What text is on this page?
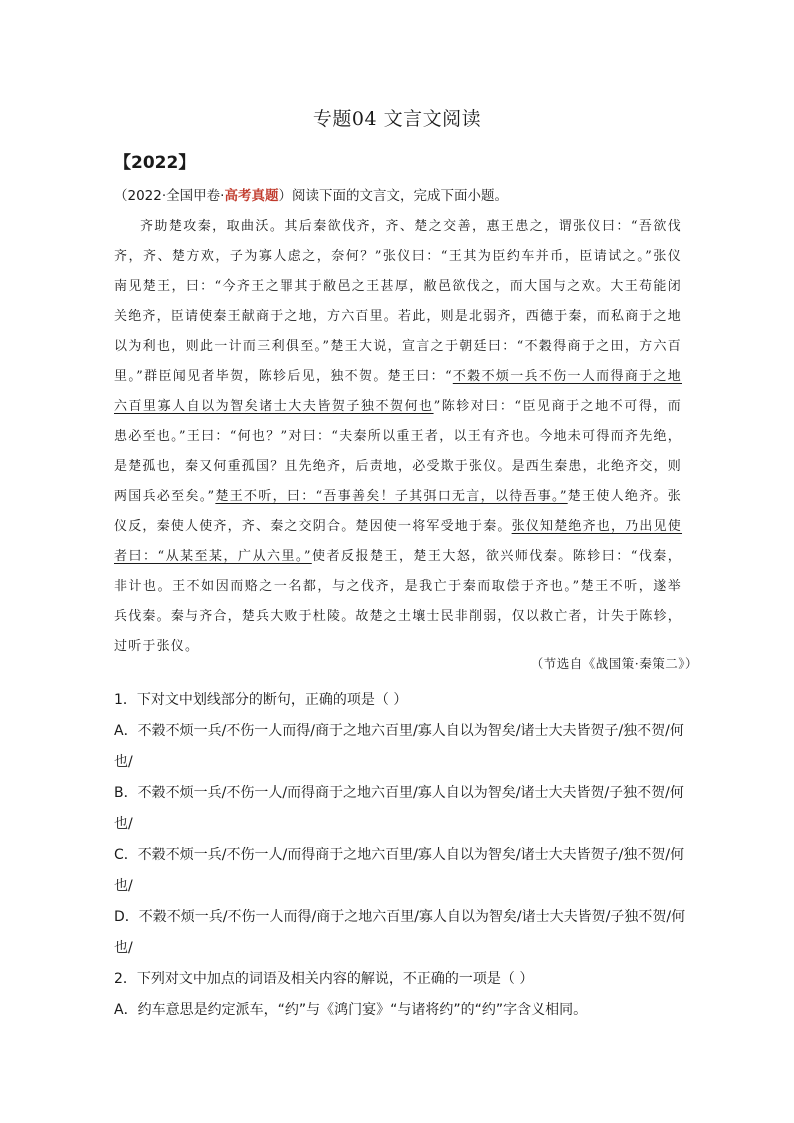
专题04 文言文阅读
【2022】
（2022·全国甲卷·高考真题）阅读下面的文言文，完成下面小题。
齐助楚攻秦，取曲沃。其后秦欲伐齐，齐、楚之交善，惠王患之，谓张仪曰：“吾欲伐齐，齐、楚方欢，子为寡人虑之，奈何？”张仪曰：“王其为臣约车并币，臣请试之。”张仪南见楚王，曰：“今齐王之罪其于敝邑之王甚厚，敝邑欲伐之，而大国与之欢。大王苟能闭关绝齐，臣请使秦王献商于之地，方六百里。若此，则是北弱齐，西德于秦，而私商于之地以为利也，则此一计而三利俱至。”楚王大说，宣言之于朝廷曰：“不穀得商于之田，方六百里。”群臣闻见者毕贺，陈轸后见，独不贺。楚王曰：“不穀不烦一兵不伤一人而得商于之地六百里寡人自以为智矣诸士大夫皆贺子独不贺何也”陈轸对曰：“臣见商于之地不可得，而患必至也。”王曰：“何也？”对曰：“夫秦所以重王者，以王有齐也。今地未可得而齐先绝，是楚孤也，秦又何重孤国？且先绝齐，后责地，必受欺于张仪。是西生秦患，北绝齐交，则两国兵必至矣。”楚王不听，曰：“吾事善矣！子其弭口无言，以待吾事。”楚王使人绝齐。张仪反，秦使人使齐，齐、秦之交阴合。楚因使一将军受地于秦。张仪知楚绝齐也，乃出见使者曰：“从某至某，广从六里。”使者反报楚王，楚王大怒，欲兴师伐秦。陈轸曰：“伐秦，非计也。王不如因而赂之一名都，与之伐齐，是我亡于秦而取偿于齐也。”楚王不听，遂举兵伐秦。秦与齐合，楚兵大败于杜陵。故楚之土壤士民非削弱，仅以救亡者，计失于陈轸，过听于张仪。
（节选自《战国策·秦策二》）

1．下对文中划线部分的断句，正确的项是（ ）

A．不穀不烦一兵/不伤一人而得/商于之地六百里/寡人自以为智矣/诸士大夫皆贺子/独不贺/何也/

B．不穀不烦一兵/不伤一人/而得商于之地六百里/寡人自以为智矣/诸士大夫皆贺/子独不贺/何也/

C．不穀不烦一兵/不伤一人/而得商于之地六百里/寡人自以为智矣/诸士大夫皆贺子/独不贺/何也/

D．不穀不烦一兵/不伤一人而得/商于之地六百里/寡人自以为智矣/诸士大夫皆贺/子独不贺/何也/

2．下列对文中加点的词语及相关内容的解说，不正确的一项是（ ）

A．约车意思是约定派车，“约”与《鸿门宴》“与诸将约”的“约”字含义相同。
